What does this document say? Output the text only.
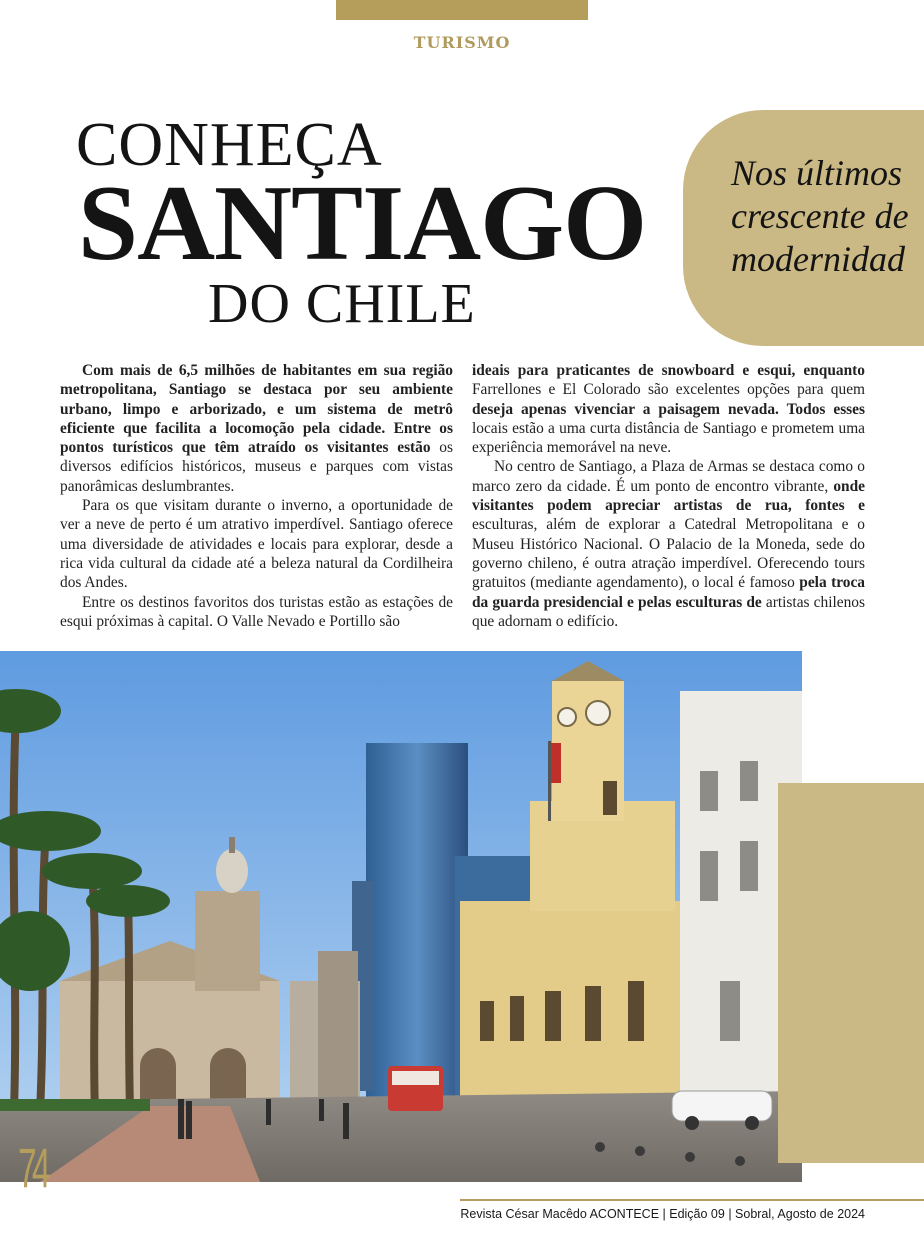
TURISMO
CONHEÇA
SANTIAGO
DO CHILE
Nos últimos
crescente de
modernidad

Com mais de 6,5 milhões de habitantes em sua região metropolitana, Santiago se destaca por seu ambiente urbano, limpo e arborizado, e um sistema de metrô eficiente que facilita a locomoção pela cidade. Entre os pontos turísticos que têm atraído os visitantes estão os diversos edifícios históricos, museus e parques com vistas panorâmicas deslumbrantes.

Para os que visitam durante o inverno, a oportunidade de ver a neve de perto é um atrativo imperdível. Santiago oferece uma diversidade de atividades e locais para explorar, desde a rica vida cultural da cidade até a beleza natural da Cordilheira dos Andes.

Entre os destinos favoritos dos turistas estão as estações de esqui próximas à capital. O Valle Nevado e Portillo são

ideais para praticantes de snowboard e esqui, enquanto Farrellones e El Colorado são excelentes opções para quem deseja apenas vivenciar a paisagem nevada. Todos esses locais estão a uma curta distância de Santiago e prometem uma experiência memorável na neve.

No centro de Santiago, a Plaza de Armas se destaca como o marco zero da cidade. É um ponto de encontro vibrante, onde visitantes podem apreciar artistas de rua, fontes e esculturas, além de explorar a Catedral Metropolitana e o Museu Histórico Nacional. O Palacio de la Moneda, sede do governo chileno, é outra atração imperdível. Oferecendo tours gratuitos (mediante agendamento), o local é famoso pela troca da guarda presidencial e pelas esculturas de artistas chilenos que adornam o edifício.

74
Revista César Macêdo ACONTECE | Edição 09 | Sobral, Agosto de 2024
